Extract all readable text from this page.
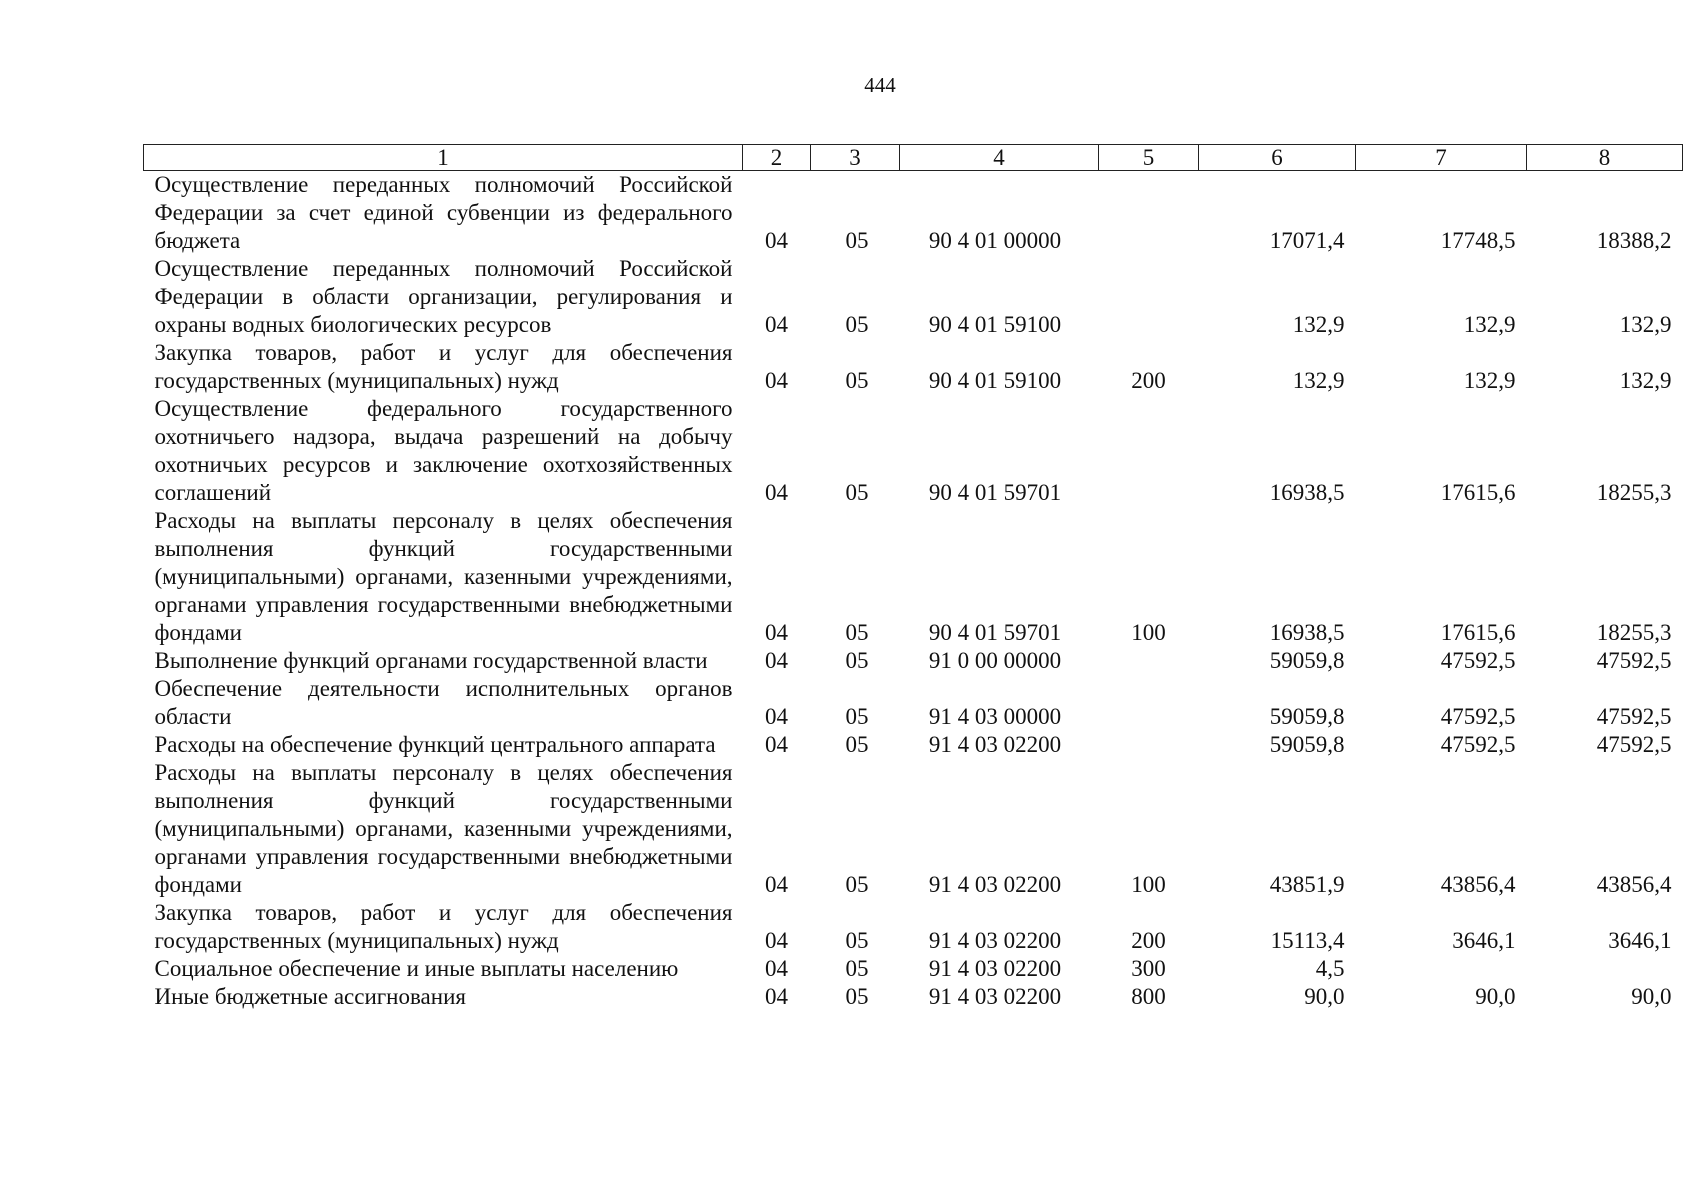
444
1	2	3	4	5	6	7	8
Осуществление переданных полномочий Российской Федерации за счет единой субвенции из федерального бюджета	04	05	90 4 01 00000		17071,4	17748,5	18388,2
Осуществление переданных полномочий Российской Федерации в области организации, регулирования и охраны водных биологических ресурсов	04	05	90 4 01 59100		132,9	132,9	132,9
Закупка товаров, работ и услуг для обеспечения государственных (муниципальных) нужд	04	05	90 4 01 59100	200	132,9	132,9	132,9
Осуществление федерального государственного охотничьего надзора, выдача разрешений на добычу охотничьих ресурсов и заключение охотхозяйственных соглашений	04	05	90 4 01 59701		16938,5	17615,6	18255,3
Расходы на выплаты персоналу в целях обеспечения выполнения функций государственными (муниципальными) органами, казенными учреждениями, органами управления государственными внебюджетными фондами	04	05	90 4 01 59701	100	16938,5	17615,6	18255,3
Выполнение функций органами государственной власти	04	05	91 0 00 00000		59059,8	47592,5	47592,5
Обеспечение деятельности исполнительных органов области	04	05	91 4 03 00000		59059,8	47592,5	47592,5
Расходы на обеспечение функций центрального аппарата	04	05	91 4 03 02200		59059,8	47592,5	47592,5
Расходы на выплаты персоналу в целях обеспечения выполнения функций государственными (муниципальными) органами, казенными учреждениями, органами управления государственными внебюджетными фондами	04	05	91 4 03 02200	100	43851,9	43856,4	43856,4
Закупка товаров, работ и услуг для обеспечения государственных (муниципальных) нужд	04	05	91 4 03 02200	200	15113,4	3646,1	3646,1
Социальное обеспечение и иные выплаты населению	04	05	91 4 03 02200	300	4,5		
Иные бюджетные ассигнования	04	05	91 4 03 02200	800	90,0	90,0	90,0
